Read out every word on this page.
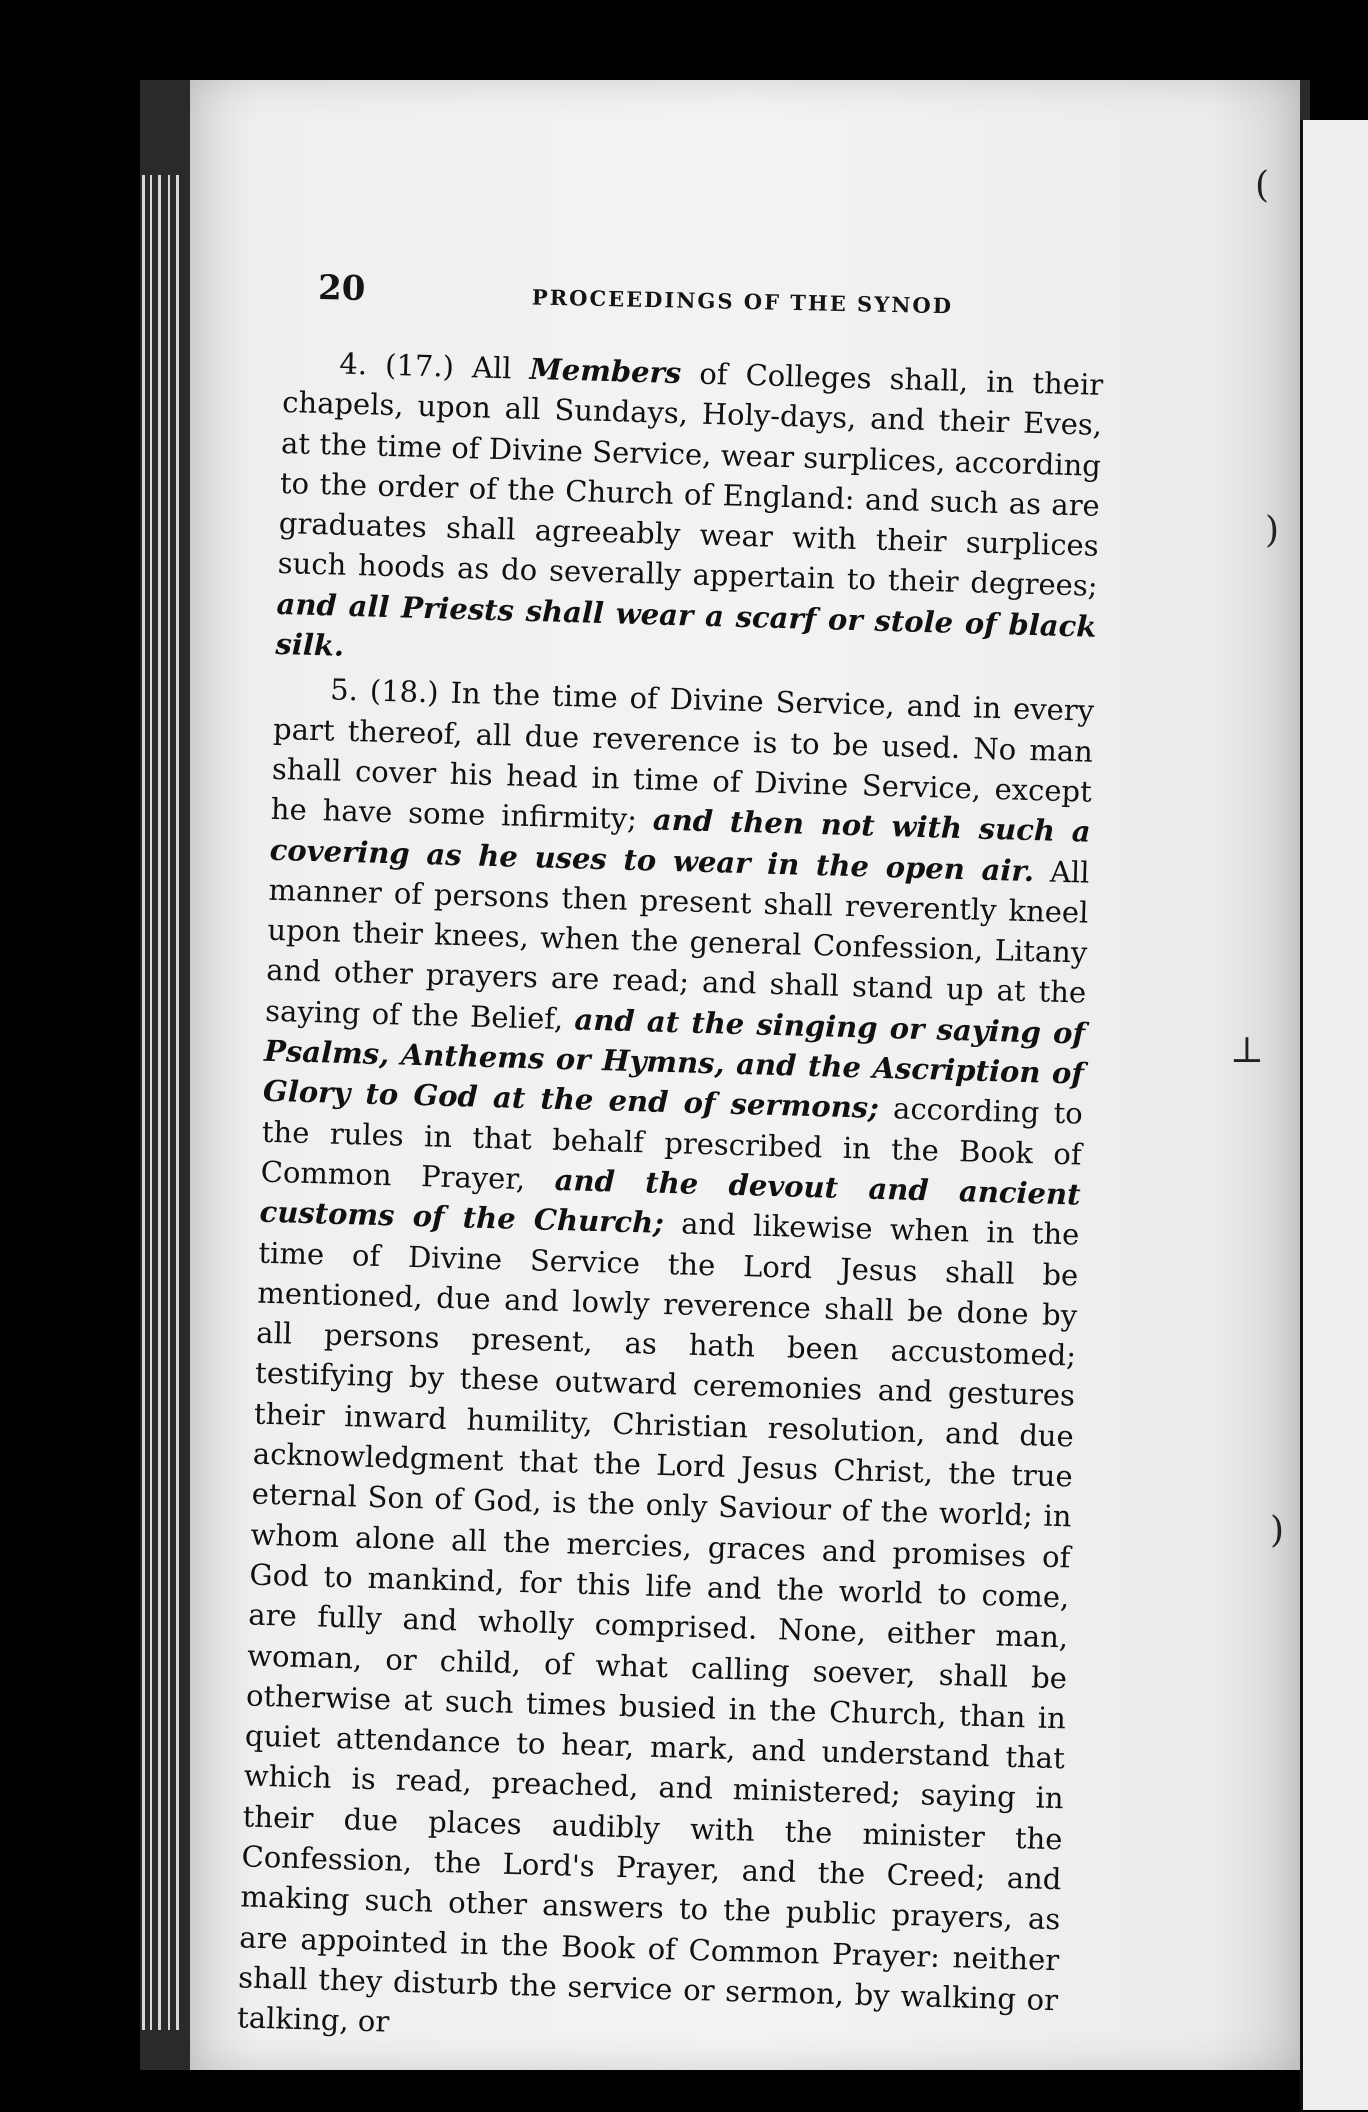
(
)
⊥
)
20	PROCEEDINGS OF THE SYNOD

4. (17.) All Members of Colleges shall, in their chapels, upon all Sundays, Holy-days, and their Eves, at the time of Divine Service, wear surplices, according to the order of the Church of England: and such as are graduates shall agreeably wear with their surplices such hoods as do severally appertain to their degrees; and all Priests shall wear a scarf or stole of black silk.

5. (18.) In the time of Divine Service, and in every part thereof, all due reverence is to be used. No man shall cover his head in time of Divine Service, except he have some infirmity; and then not with such a covering as he uses to wear in the open air. All manner of persons then present shall reverently kneel upon their knees, when the general Confession, Litany and other prayers are read; and shall stand up at the saying of the Belief, and at the singing or saying of Psalms, Anthems or Hymns, and the Ascription of Glory to God at the end of sermons; according to the rules in that behalf prescribed in the Book of Common Prayer, and the devout and ancient customs of the Church; and likewise when in the time of Divine Service the Lord Jesus shall be mentioned, due and lowly reverence shall be done by all persons present, as hath been accustomed; testifying by these outward ceremonies and gestures their inward humility, Christian resolution, and due acknowledgment that the Lord Jesus Christ, the true eternal Son of God, is the only Saviour of the world; in whom alone all the mercies, graces and promises of God to mankind, for this life and the world to come, are fully and wholly comprised. None, either man, woman, or child, of what calling soever, shall be otherwise at such times busied in the Church, than in quiet attendance to hear, mark, and understand that which is read, preached, and ministered; saying in their due places audibly with the minister the Confession, the Lord's Prayer, and the Creed; and making such other answers to the public prayers, as are appointed in the Book of Common Prayer: neither shall they disturb the service or sermon, by walking or talking, or
